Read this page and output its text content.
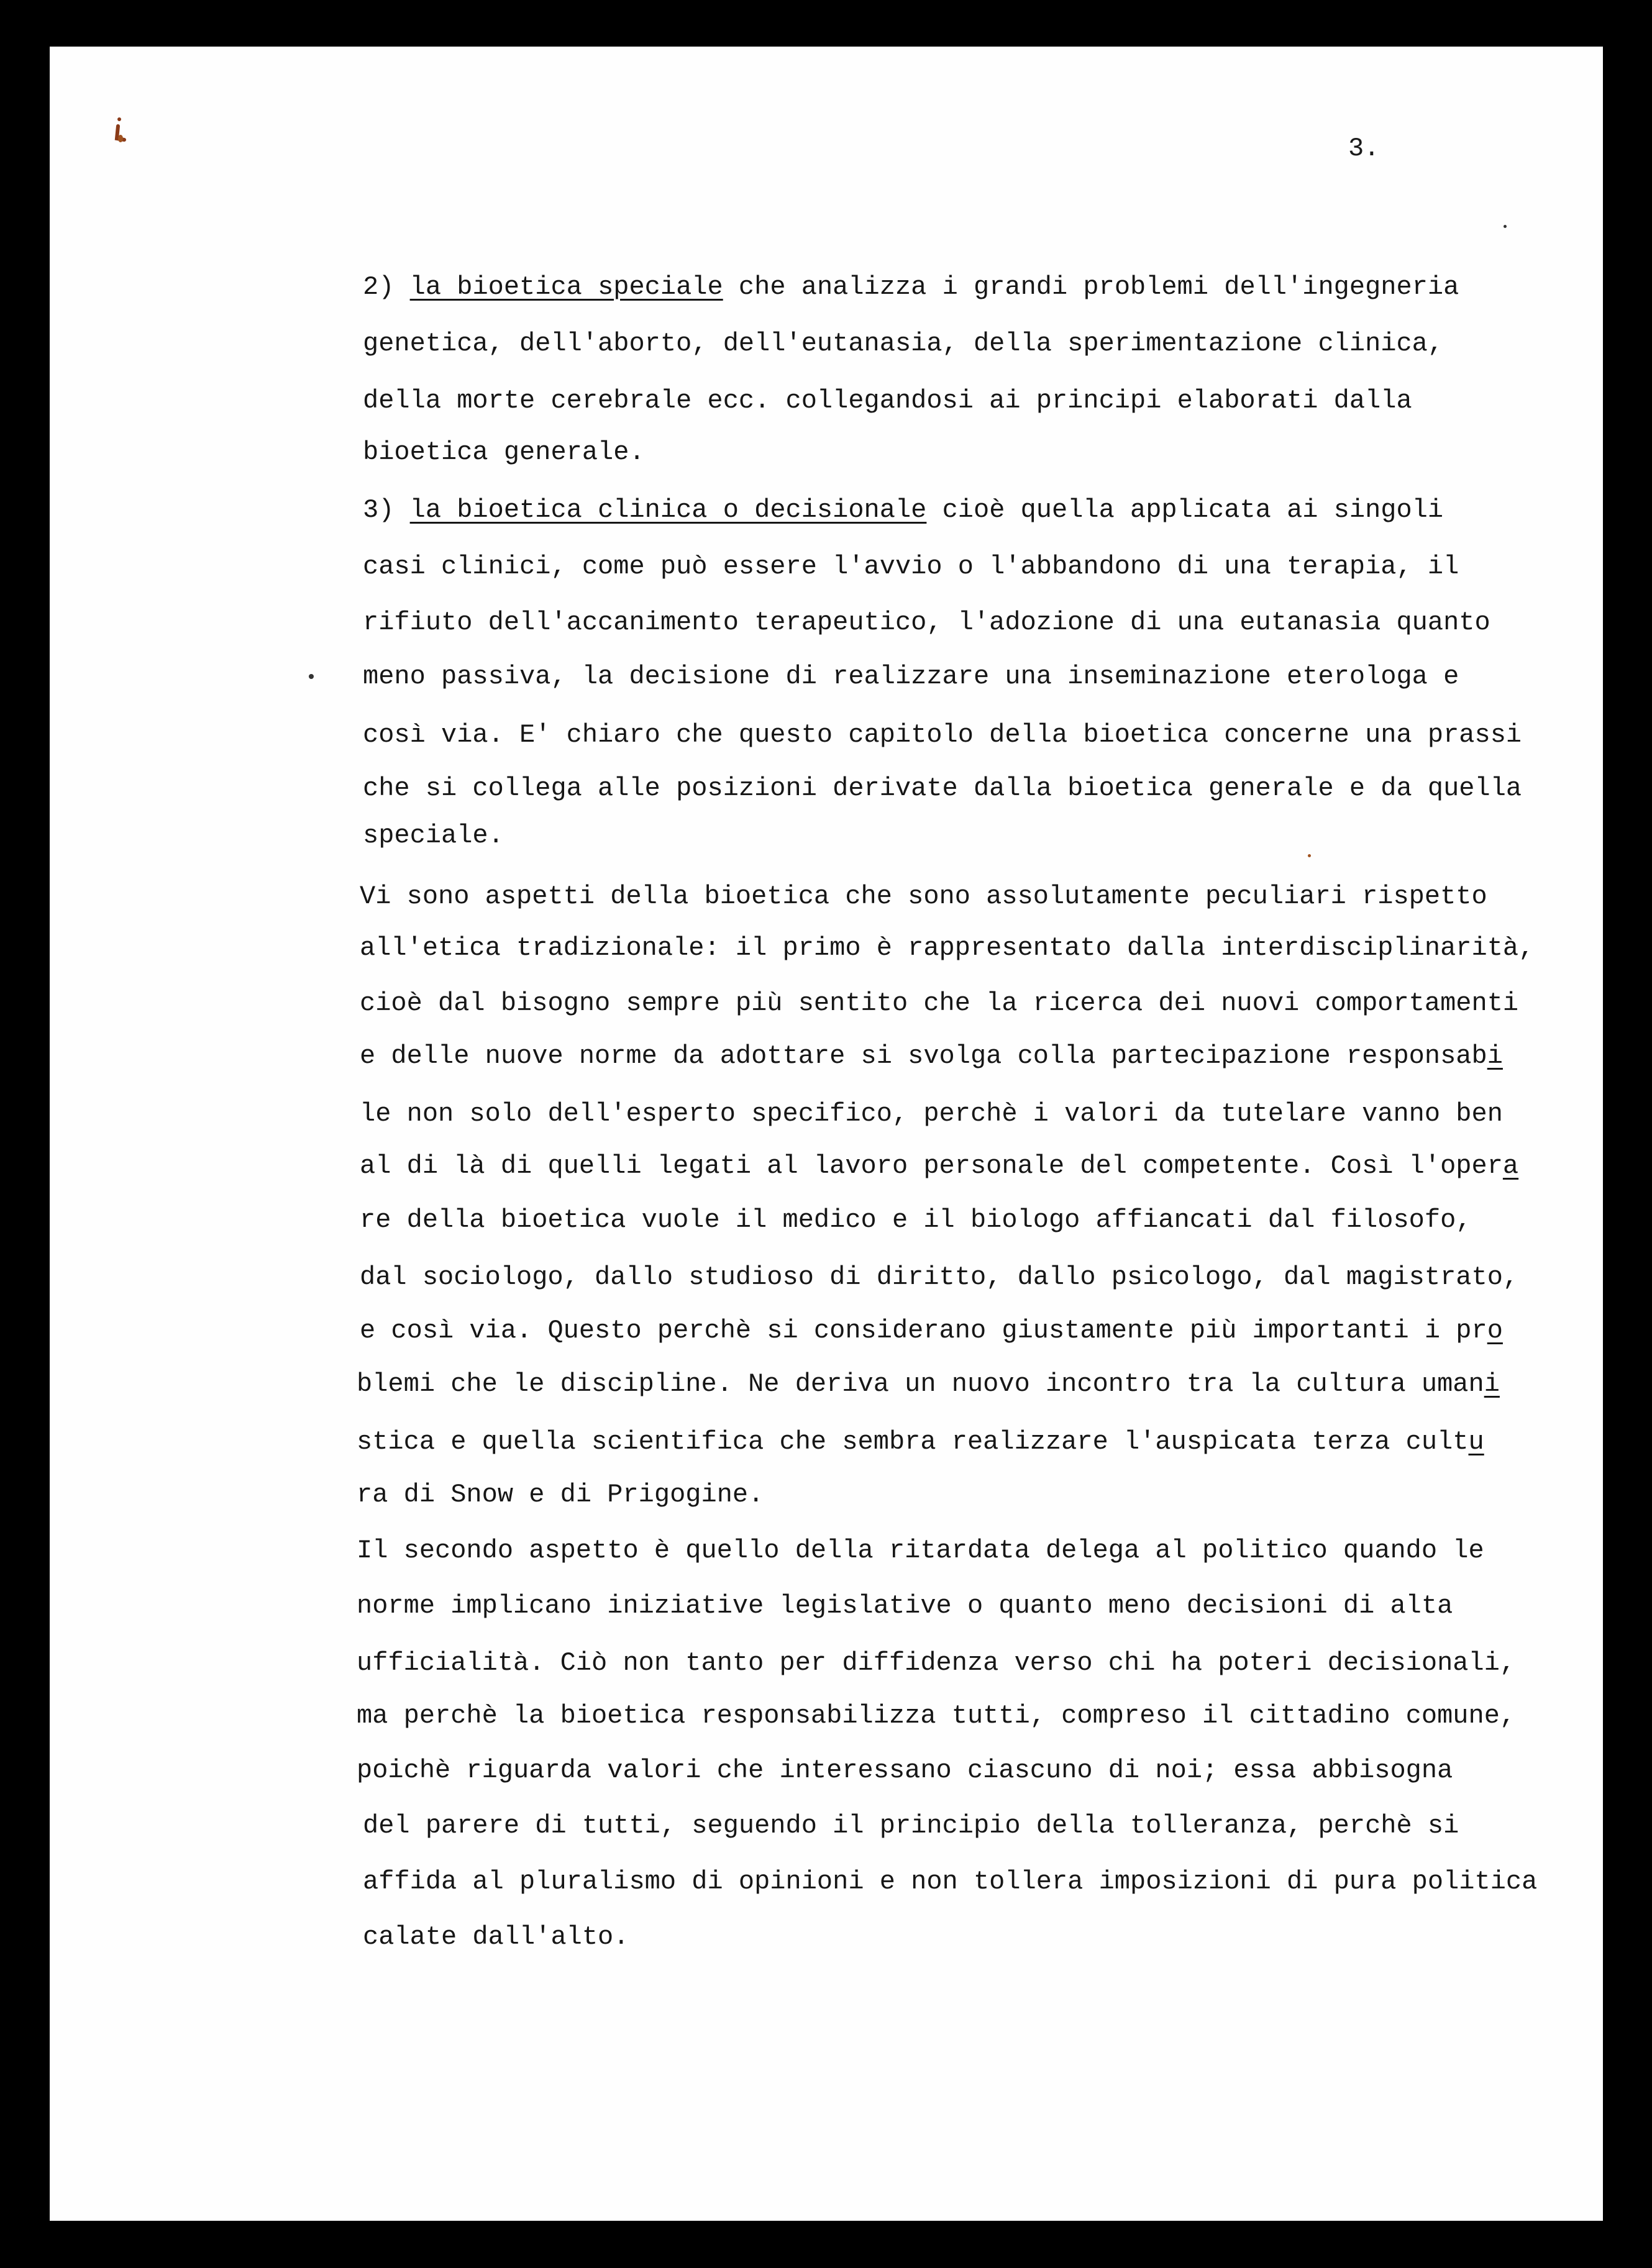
3.

2) la bioetica speciale che analizza i grandi problemi dell'ingegneria
genetica, dell'aborto, dell'eutanasia, della sperimentazione clinica,
della morte cerebrale ecc. collegandosi ai principi elaborati dalla
bioetica generale.
3) la bioetica clinica o decisionale cioè quella applicata ai singoli
casi clinici, come può essere l'avvio o l'abbandono di una terapia, il
rifiuto dell'accanimento terapeutico, l'adozione di una eutanasia quanto
meno passiva, la decisione di realizzare una inseminazione eterologa e
così via. E' chiaro che questo capitolo della bioetica concerne una prassi
che si collega alle posizioni derivate dalla bioetica generale e da quella
speciale.
Vi sono aspetti della bioetica che sono assolutamente peculiari rispetto
all'etica tradizionale: il primo è rappresentato dalla interdisciplinarità,
cioè dal bisogno sempre più sentito che la ricerca dei nuovi comportamenti
e delle nuove norme da adottare si svolga colla partecipazione responsabi
le non solo dell'esperto specifico, perchè i valori da tutelare vanno ben
al di là di quelli legati al lavoro personale del competente. Così l'opera
re della bioetica vuole il medico e il biologo affiancati dal filosofo,
dal sociologo, dallo studioso di diritto, dallo psicologo, dal magistrato,
e così via. Questo perchè si considerano giustamente più importanti i pro
blemi che le discipline. Ne deriva un nuovo incontro tra la cultura umani
stica e quella scientifica che sembra realizzare l'auspicata terza cultu
ra di Snow e di Prigogine.
Il secondo aspetto è quello della ritardata delega al politico quando le
norme implicano iniziative legislative o quanto meno decisioni di alta
ufficialità. Ciò non tanto per diffidenza verso chi ha poteri decisionali,
ma perchè la bioetica responsabilizza tutti, compreso il cittadino comune,
poichè riguarda valori che interessano ciascuno di noi; essa abbisogna
del parere di tutti, seguendo il principio della tolleranza, perchè si
affida al pluralismo di opinioni e non tollera imposizioni di pura politica
calate dall'alto.
